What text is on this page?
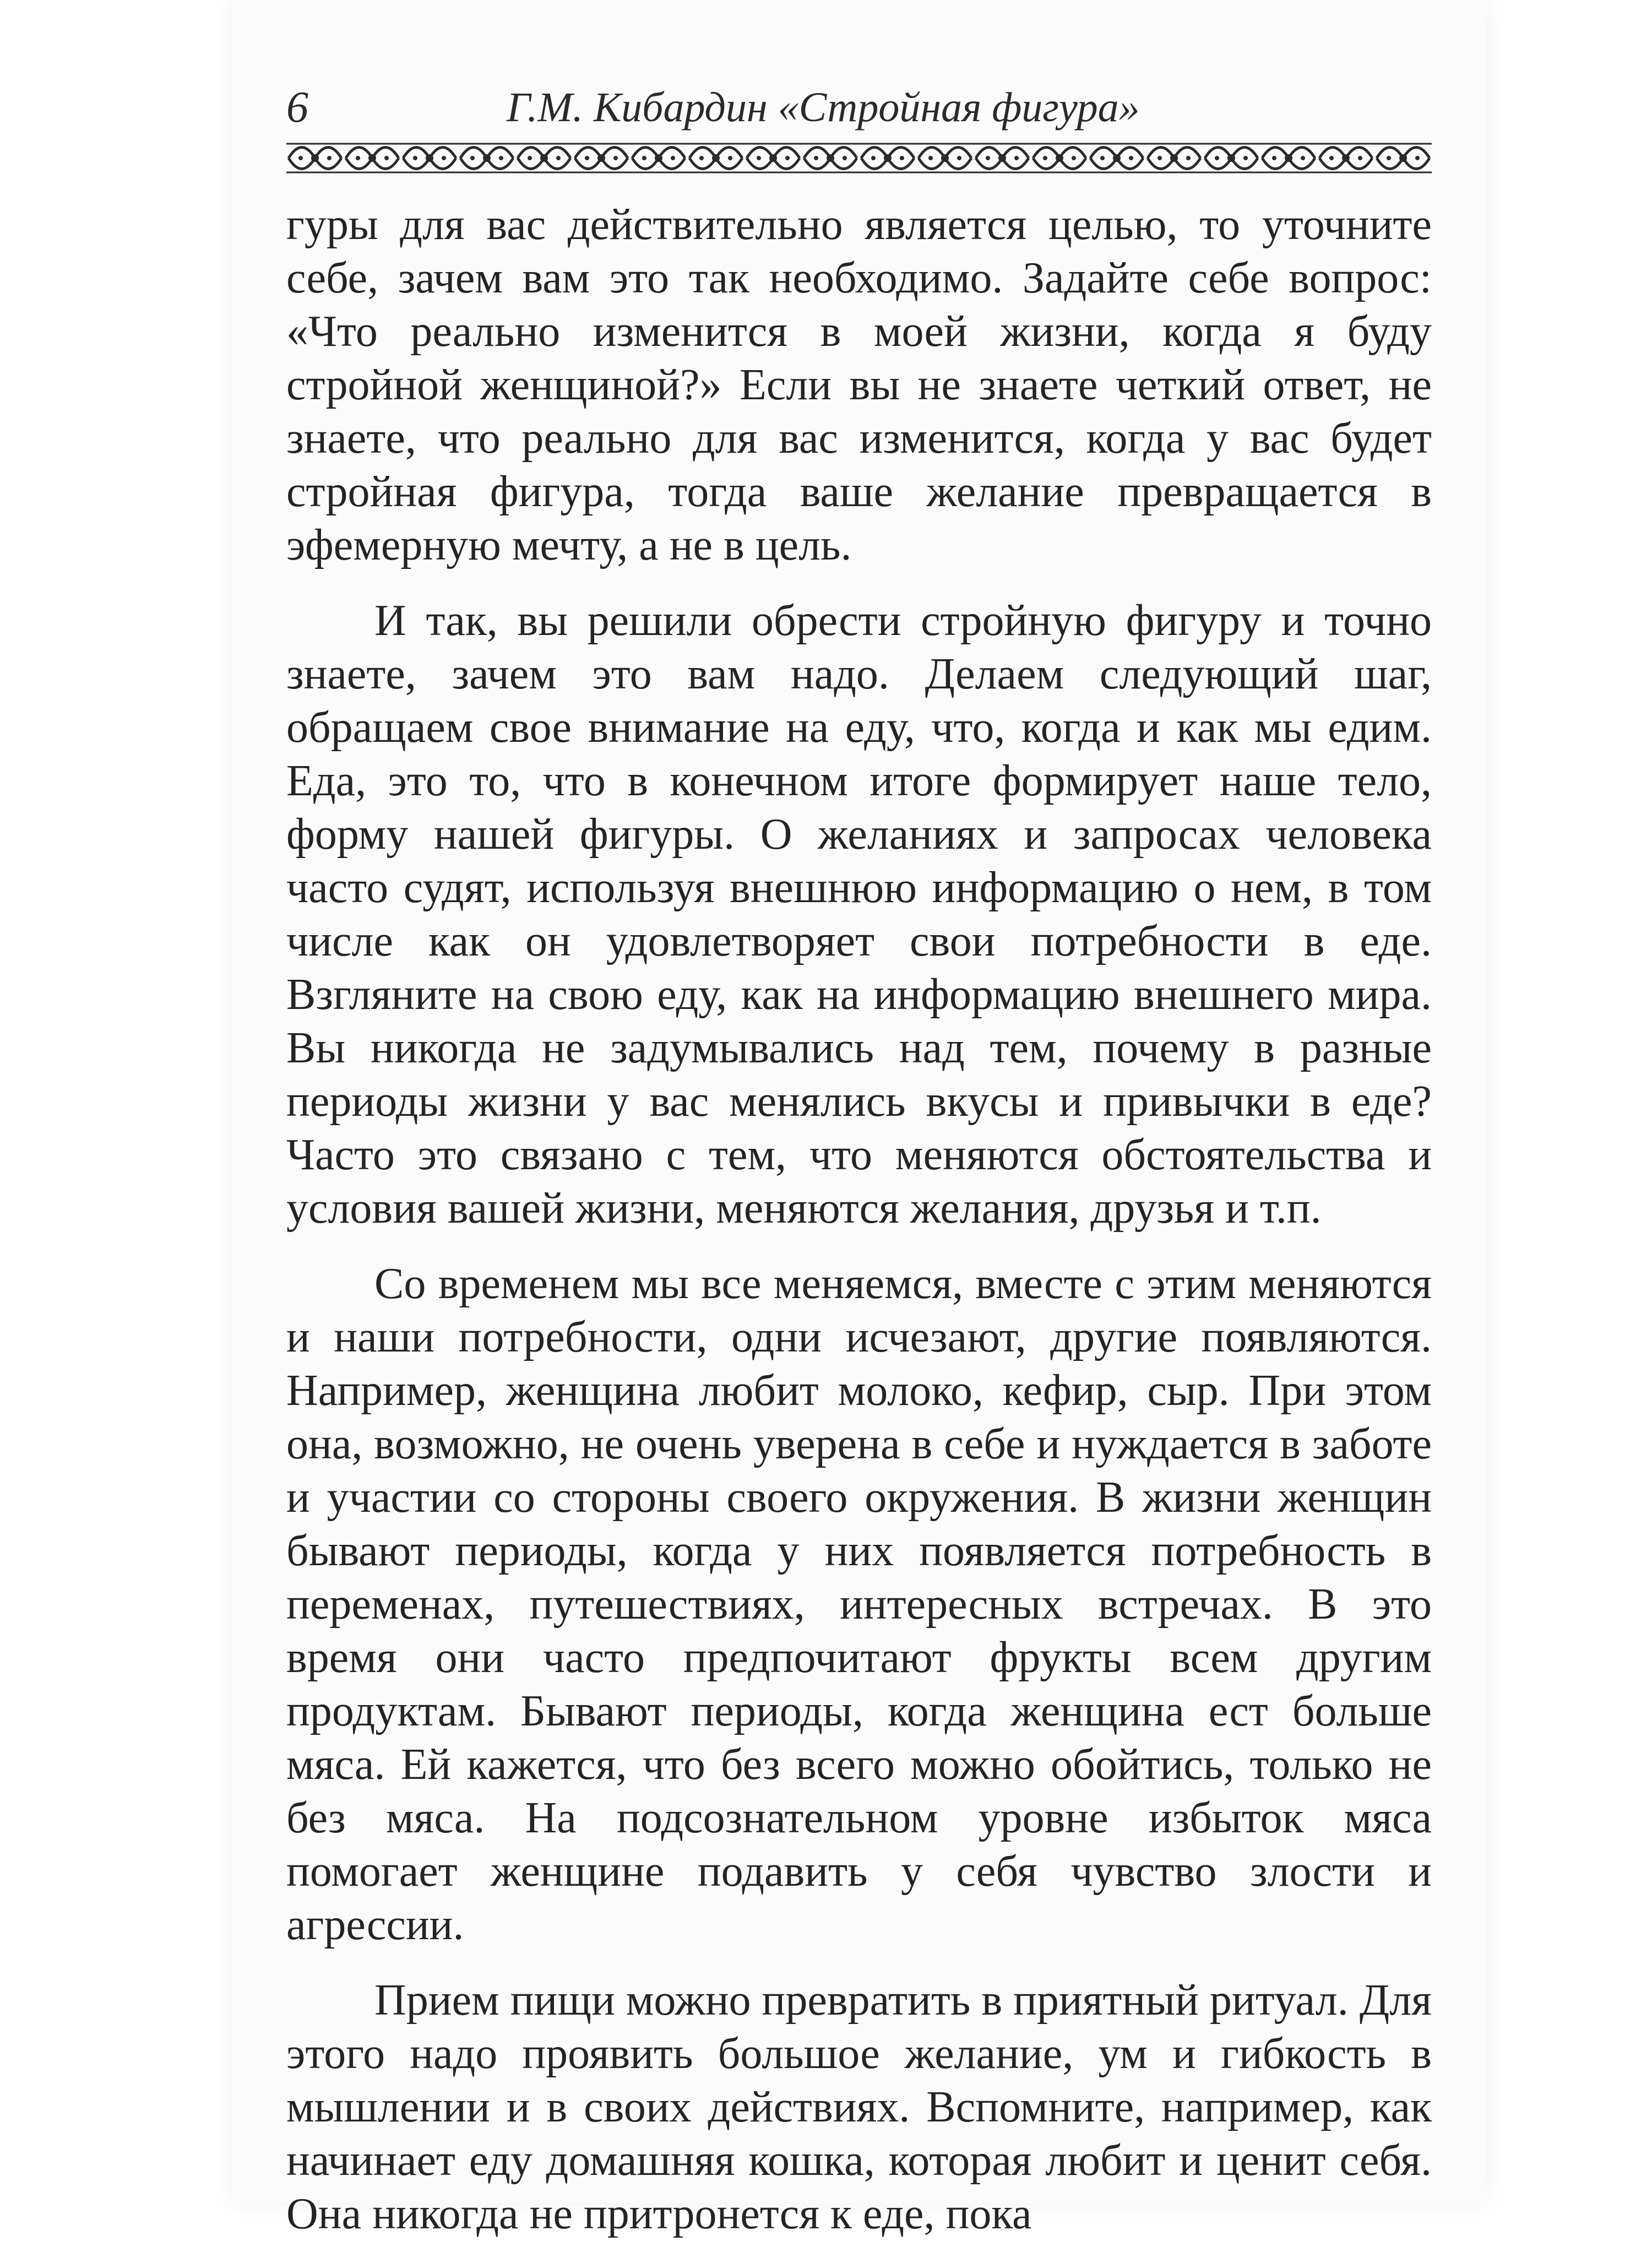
6	Г.М. Кибардин «Стройная фигура»

гуры для вас действительно является целью, то уточните себе, зачем вам это так необходимо. Задайте себе вопрос: «Что реально изменится в моей жизни, когда я буду стройной женщиной?» Если вы не знаете четкий ответ, не знаете, что реально для вас изменится, когда у вас будет стройная фигура, тогда ваше желание превращается в эфемерную мечту, а не в цель.

И так, вы решили обрести стройную фигуру и точно знаете, зачем это вам надо. Делаем следующий шаг, обращаем свое внимание на еду, что, когда и как мы едим. Еда, это то, что в конечном итоге формирует наше тело, форму нашей фигуры. О желаниях и запросах человека часто судят, используя внешнюю информацию о нем, в том числе как он удовлетворяет свои потребности в еде. Взгляните на свою еду, как на информацию внешнего мира. Вы никогда не задумывались над тем, почему в разные периоды жизни у вас менялись вкусы и привычки в еде? Часто это связано с тем, что меняются обстоятельства и условия вашей жизни, меняются желания, друзья и т.п.

Со временем мы все меняемся, вместе с этим меняются и наши потребности, одни исчезают, другие появляются. Например, женщина любит молоко, кефир, сыр. При этом она, возможно, не очень уверена в себе и нуждается в заботе и участии со стороны своего окружения. В жизни женщин бывают периоды, когда у них появляется потребность в переменах, путешествиях, интересных встречах. В это время они часто предпочитают фрукты всем другим продуктам. Бывают периоды, когда женщина ест больше мяса. Ей кажется, что без всего можно обойтись, только не без мяса. На подсознательном уровне избыток мяса помогает женщине подавить у себя чувство злости и агрессии.

Прием пищи можно превратить в приятный ритуал. Для этого надо проявить большое желание, ум и гибкость в мышлении и в своих действиях. Вспомните, например, как начинает еду домашняя кошка, которая любит и ценит себя. Она никогда не притронется к еде, пока
